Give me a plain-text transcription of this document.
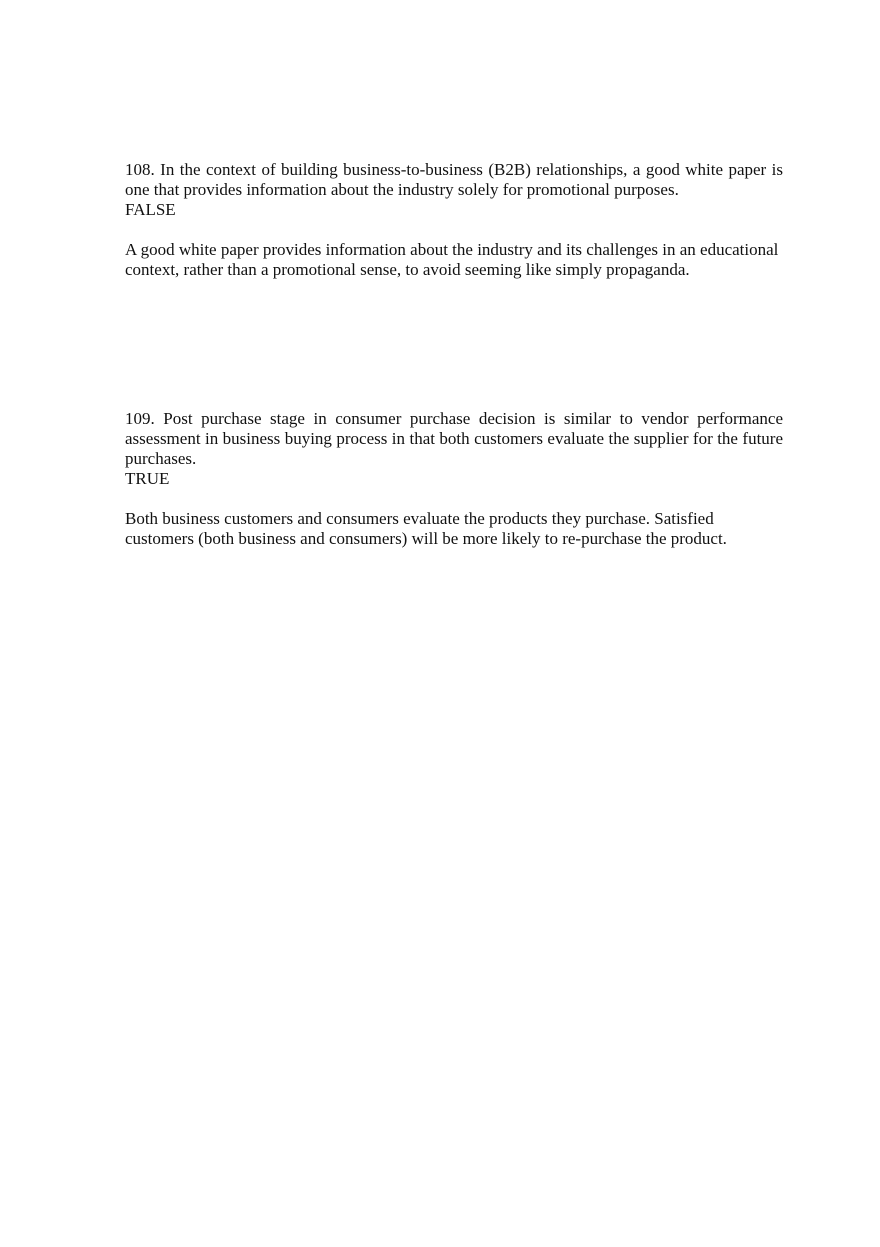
108. In the context of building business-to-business (B2B) relationships, a good white paper is one that provides information about the industry solely for promotional purposes.

FALSE

A good white paper provides information about the industry and its challenges in an educational context, rather than a promotional sense, to avoid seeming like simply propaganda.

109. Post purchase stage in consumer purchase decision is similar to vendor performance assessment in business buying process in that both customers evaluate the supplier for the future purchases.

TRUE

Both business customers and consumers evaluate the products they purchase. Satisfied customers (both business and consumers) will be more likely to re-purchase the product.
